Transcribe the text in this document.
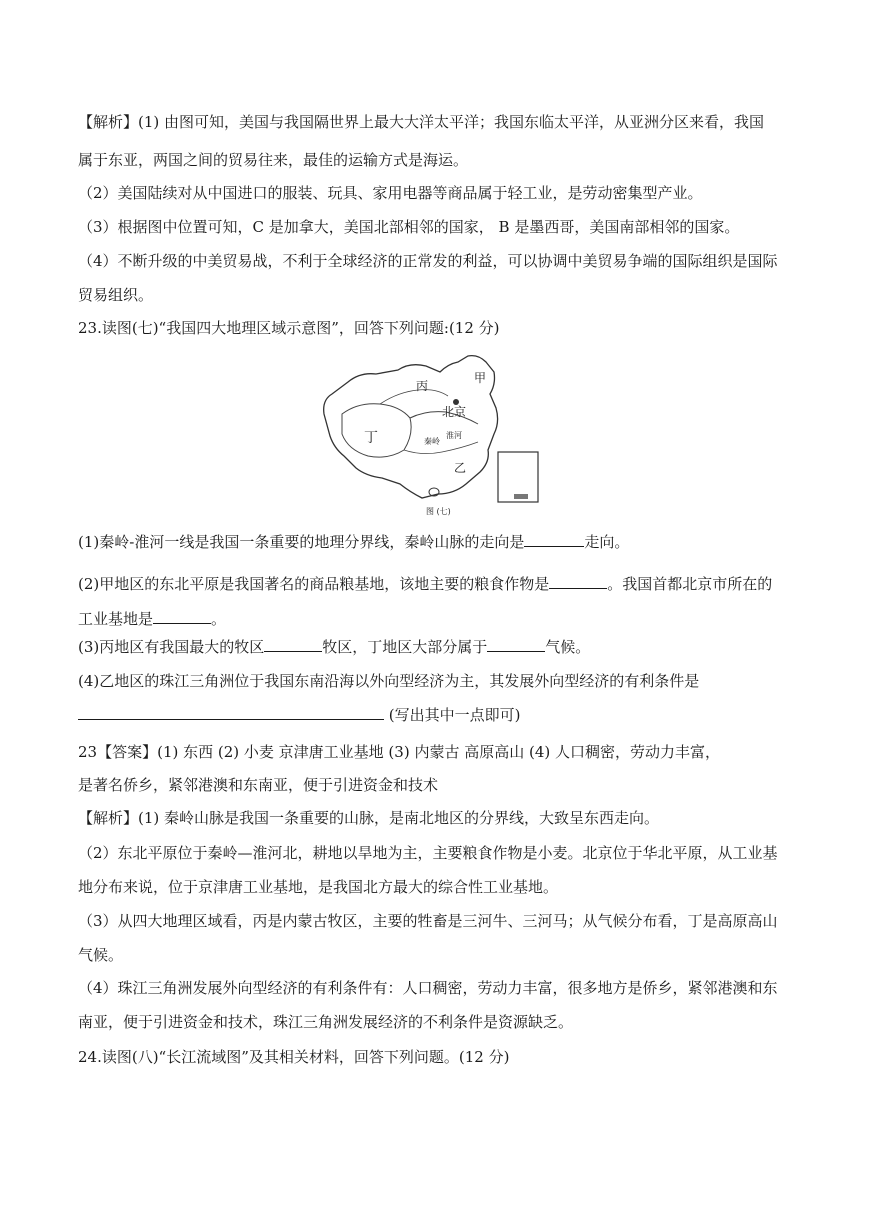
【解析】(1) 由图可知，美国与我国隔世界上最大大洋太平洋；我国东临太平洋，从亚洲分区来看，我国

属于东亚，两国之间的贸易往来，最佳的运输方式是海运。

（2）美国陆续对从中国进口的服装、玩具、家用电器等商品属于轻工业，是劳动密集型产业。

（3）根据图中位置可知，C 是加拿大，美国北部相邻的国家， B 是墨西哥，美国南部相邻的国家。

（4）不断升级的中美贸易战，不利于全球经济的正常发的利益，可以协调中美贸易争端的国际组织是国际

贸易组织。

23.读图(七)“我国四大地理区域示意图”，回答下列问题:(12 分)

甲
丙
北京
丁	秦岭
淮河
乙
图 (七)

(1)秦岭-淮河一线是我国一条重要的地理分界线，秦岭山脉的走向是	走向。

(2)甲地区的东北平原是我国著名的商品粮基地，该地主要的粮食作物是	。我国首都北京市所在的

工业基地是	。

(3)丙地区有我国最大的牧区	牧区，丁地区大部分属于	气候。

(4)乙地区的珠江三角洲位于我国东南沿海以外向型经济为主，其发展外向型经济的有利条件是

(写出其中一点即可)

23【答案】(1) 东西 (2) 小麦 京津唐工业基地 (3) 内蒙古 高原高山 (4) 人口稠密，劳动力丰富，

是著名侨乡，紧邻港澳和东南亚，便于引进资金和技术

【解析】(1) 秦岭山脉是我国一条重要的山脉，是南北地区的分界线，大致呈东西走向。

（2）东北平原位于秦岭—淮河北，耕地以旱地为主，主要粮食作物是小麦。北京位于华北平原，从工业基

地分布来说，位于京津唐工业基地，是我国北方最大的综合性工业基地。

（3）从四大地理区域看，丙是内蒙古牧区，主要的牲畜是三河牛、三河马；从气候分布看，丁是高原高山

气候。

（4）珠江三角洲发展外向型经济的有利条件有：人口稠密，劳动力丰富，很多地方是侨乡，紧邻港澳和东

南亚，便于引进资金和技术，珠江三角洲发展经济的不利条件是资源缺乏。

24.读图(八)“长江流域图”及其相关材料，回答下列问题。(12 分)
